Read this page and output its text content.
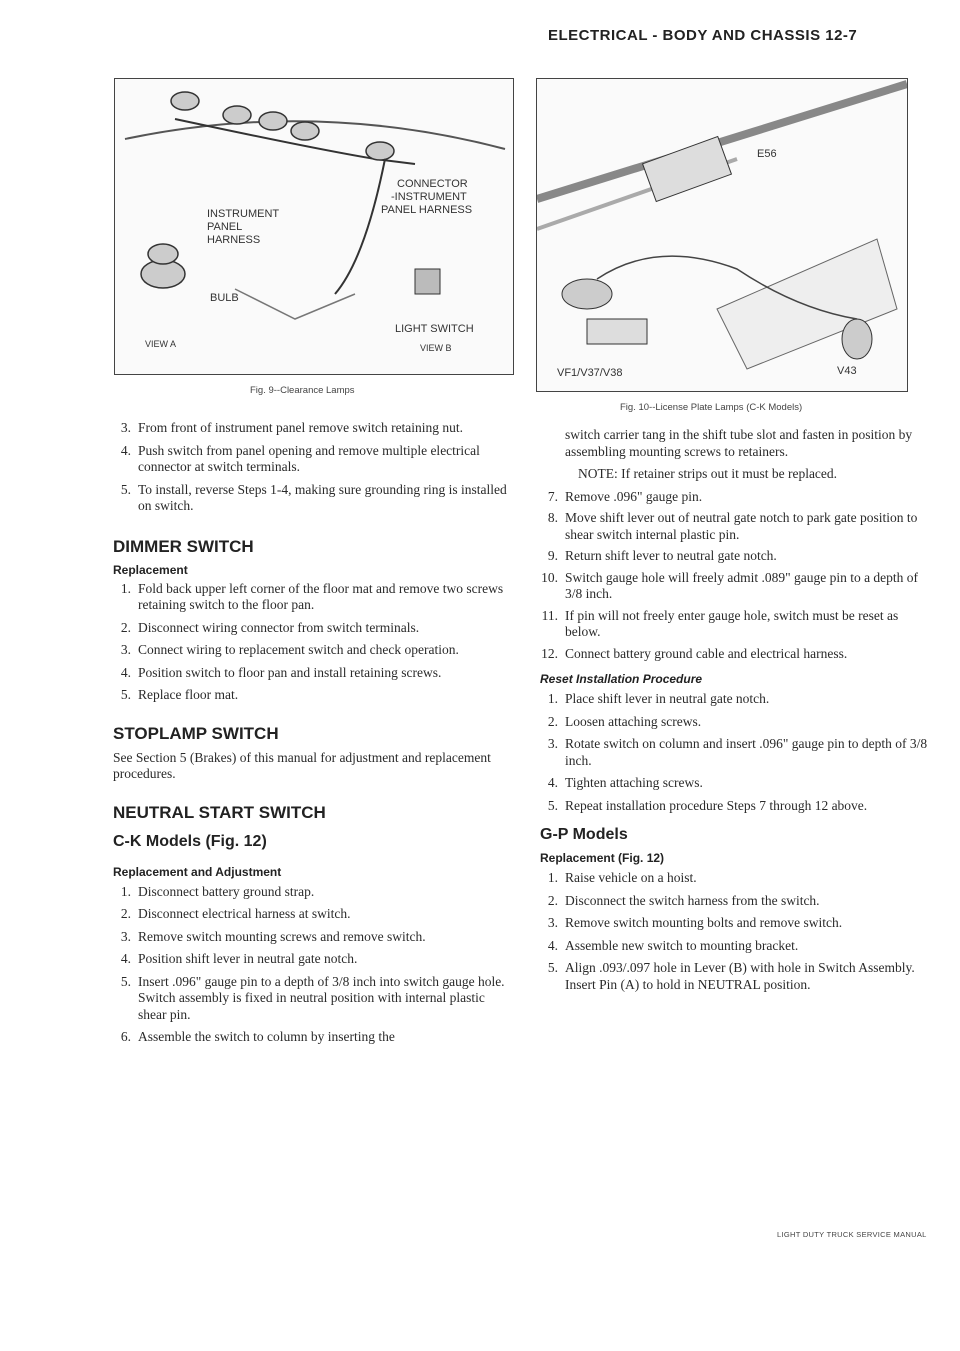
ELECTRICAL - BODY AND CHASSIS 12-7
CONNECTOR
-INSTRUMENT
PANEL HARNESS
INSTRUMENT
PANEL
HARNESS
BULB
LIGHT SWITCH
VIEW A	VIEW B
Fig. 9--Clearance Lamps
E56
VF1/V37/V38	V43
Fig. 10--License Plate Lamps (C-K Models)

3. From front of instrument panel remove switch retaining nut.

4. Push switch from panel opening and remove multiple electrical connector at switch terminals.

5. To install, reverse Steps 1-4, making sure grounding ring is installed on switch.

DIMMER SWITCH
Replacement

1. Fold back upper left corner of the floor mat and remove two screws retaining switch to the floor pan.

2. Disconnect wiring connector from switch terminals.

3. Connect wiring to replacement switch and check operation.

4. Position switch to floor pan and install retaining screws.

5. Replace floor mat.

STOPLAMP SWITCH

See Section 5 (Brakes) of this manual for adjustment and replacement procedures.

NEUTRAL START SWITCH
C-K Models (Fig. 12)
Replacement and Adjustment

1. Disconnect battery ground strap.

2. Disconnect electrical harness at switch.

3. Remove switch mounting screws and remove switch.

4. Position shift lever in neutral gate notch.

5. Insert .096" gauge pin to a depth of 3/8 inch into switch gauge hole. Switch assembly is fixed in neutral position with internal plastic shear pin.

6. Assemble the switch to column by inserting the

switch carrier tang in the shift tube slot and fasten in position by assembling mounting screws to retainers.

NOTE: If retainer strips out it must be replaced.

7. Remove .096" gauge pin.

8. Move shift lever out of neutral gate notch to park gate position to shear switch internal plastic pin.

9. Return shift lever to neutral gate notch.

10. Switch gauge hole will freely admit .089" gauge pin to a depth of 3/8 inch.

11. If pin will not freely enter gauge hole, switch must be reset as below.

12. Connect battery ground cable and electrical harness.

Reset Installation Procedure

1. Place shift lever in neutral gate notch.

2. Loosen attaching screws.

3. Rotate switch on column and insert .096" gauge pin to depth of 3/8 inch.

4. Tighten attaching screws.

5. Repeat installation procedure Steps 7 through 12 above.

G-P Models
Replacement (Fig. 12)

1. Raise vehicle on a hoist.

2. Disconnect the switch harness from the switch.

3. Remove switch mounting bolts and remove switch.

4. Assemble new switch to mounting bracket.

5. Align .093/.097 hole in Lever (B) with hole in Switch Assembly. Insert Pin (A) to hold in NEUTRAL position.

LIGHT DUTY TRUCK SERVICE MANUAL
